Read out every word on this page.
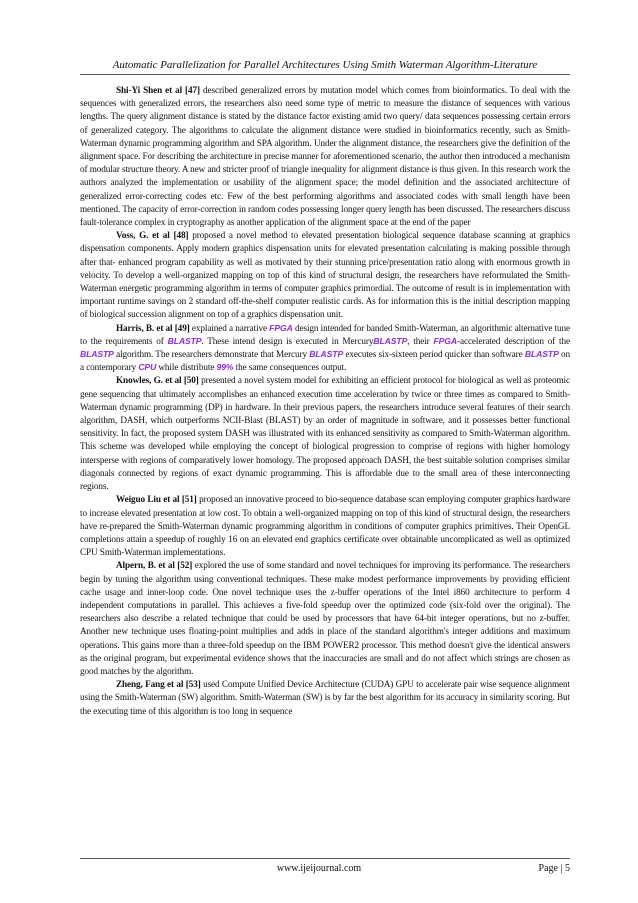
Automatic Parallelization for Parallel Architectures Using Smith Waterman Algorithm-Literature

Shi-Yi Shen et al [47] described generalized errors by mutation model which comes from bioinformatics. To deal with the sequences with generalized errors, the researchers also need some type of metric to measure the distance of sequences with various lengths. The query alignment distance is stated by the distance factor existing amid two query/ data sequences possessing certain errors of generalized category. The algorithms to calculate the alignment distance were studied in bioinformatics recently, such as Smith-Waterman dynamic programming algorithm and SPA algorithm. Under the alignment distance, the researchers give the definition of the alignment space. For describing the architecture in precise manner for aforementioned scenario, the author then introduced a mechanism of modular structure theory. A new and stricter proof of triangle inequality for alignment distance is thus given. In this research work the authors analyzed the implementation or usability of the alignment space; the model definition and the associated architecture of generalized error-correcting codes etc. Few of the best performing algorithms and associated codes with small length have been mentioned. The capacity of error-correction in random codes possessing longer query length has been discussed. The researchers discuss fault-tolerance complex in cryptography as another application of the alignment space at the end of the paper

Voss, G. et al [48] proposed a novel method to elevated presentation biological sequence database scanning at graphics dispensation components. Apply modern graphics dispensation units for elevated presentation calculating is making possible through after that- enhanced program capability as well as motivated by their stunning price/presentation ratio along with enormous growth in velocity. To develop a well-organized mapping on top of this kind of structural design, the researchers have reformulated the Smith-Waterman energetic programming algorithm in terms of computer graphics primordial. The outcome of result is in implementation with important runtime savings on 2 standard off-the-shelf computer realistic cards. As for information this is the initial description mapping of biological succession alignment on top of a graphics dispensation unit.

Harris, B. et al [49] explained a narrative FPGA design intended for banded Smith-Waterman, an algorithmic alternative tune to the requirements of BLASTP. These intend design is executed in MercuryBLASTP, their FPGA-accelerated description of the BLASTP algorithm. The researchers demonstrate that Mercury BLASTP executes six-sixteen period quicker than software BLASTP on a contemporary CPU while distribute 99% the same consequences output.

Knowles, G. et al [50] presented a novel system model for exhibiting an efficient protocol for biological as well as proteomic gene sequencing that ultimately accomplishes an enhanced execution time acceleration by twice or three times as compared to Smith-Waterman dynamic programming (DP) in hardware. In their previous papers, the researchers introduce several features of their search algorithm, DASH, which outperforms NCII-Blast (BLAST) by an order of magnitude in software, and it possesses better functional sensitivity. In fact, the proposed system DASH was illustrated with its enhanced sensitivity as compared to Smith-Waterman algorithm. This scheme was developed while employing the concept of biological progression to comprise of regions with higher homology intersperse with regions of comparatively lower homology. The proposed approach DASH, the best suitable solution comprises similar diagonals connected by regions of exact dynamic programming. This is affordable due to the small area of these interconnecting regions.

Weiguo Liu et al [51] proposed an innovative proceed to bio-sequence database scan employing computer graphics hardware to increase elevated presentation at low cost. To obtain a well-organized mapping on top of this kind of structural design, the researchers have re-prepared the Smith-Waterman dynamic programming algorithm in conditions of computer graphics primitives. Their OpenGL completions attain a speedup of roughly 16 on an elevated end graphics certificate over obtainable uncomplicated as well as optimized CPU Smith-Waterman implementations.

Alpern, B. et al [52] explored the use of some standard and novel techniques for improving its performance. The researchers begin by tuning the algorithm using conventional techniques. These make modest performance improvements by providing efficient cache usage and inner-loop code. One novel technique uses the z-buffer operations of the Intel i860 architecture to perform 4 independent computations in parallel. This achieves a five-fold speedup over the optimized code (six-fold over the original). The researchers also describe a related technique that could be used by processors that have 64-bit integer operations, but no z-buffer. Another new technique uses floating-point multiplies and adds in place of the standard algorithm's integer additions and maximum operations. This gains more than a three-fold speedup on the IBM POWER2 processor. This method doesn't give the identical answers as the original program, but experimental evidence shows that the inaccuracies are small and do not affect which strings are chosen as good matches by the algorithm.

Zheng, Fang et al [53] used Compute Unified Device Architecture (CUDA) GPU to accelerate pair wise sequence alignment using the Smith-Waterman (SW) algorithm. Smith-Waterman (SW) is by far the best algorithm for its accuracy in similarity scoring. But the executing time of this algorithm is too long in sequence

www.ijeijournal.com	Page | 5
